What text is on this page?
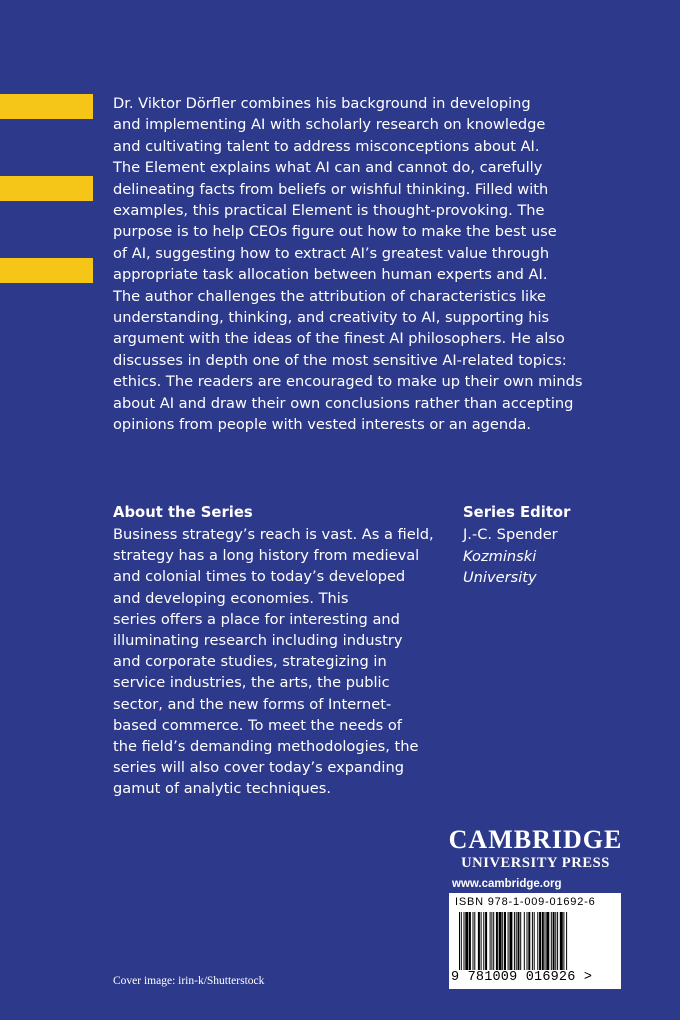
Dr. Viktor Dörfler combines his background in developing
and implementing AI with scholarly research on knowledge
and cultivating talent to address misconceptions about AI.
The Element explains what AI can and cannot do, carefully
delineating facts from beliefs or wishful thinking. Filled with
examples, this practical Element is thought-provoking. The
purpose is to help CEOs figure out how to make the best use
of AI, suggesting how to extract AI’s greatest value through
appropriate task allocation between human experts and AI.
The author challenges the attribution of characteristics like
understanding, thinking, and creativity to AI, supporting his
argument with the ideas of the finest AI philosophers. He also
discusses in depth one of the most sensitive AI-related topics:
ethics. The readers are encouraged to make up their own minds
about AI and draw their own conclusions rather than accepting
opinions from people with vested interests or an agenda.

About the Series
Business strategy’s reach is vast. As a field,
strategy has a long history from medieval
and colonial times to today’s developed
and developing economies. This
series offers a place for interesting and
illuminating research including industry
and corporate studies, strategizing in
service industries, the arts, the public
sector, and the new forms of Internet-
based commerce. To meet the needs of
the field’s demanding methodologies, the
series will also cover today’s expanding
gamut of analytic techniques.
Series Editor
J.-C. Spender
Kozminski
University
CAMBRIDGE
UNIVERSITY PRESS
www.cambridge.org
ISBN 978-1-009-01692-6
9 781009 016926 >
Cover image: irin-k/Shutterstock
